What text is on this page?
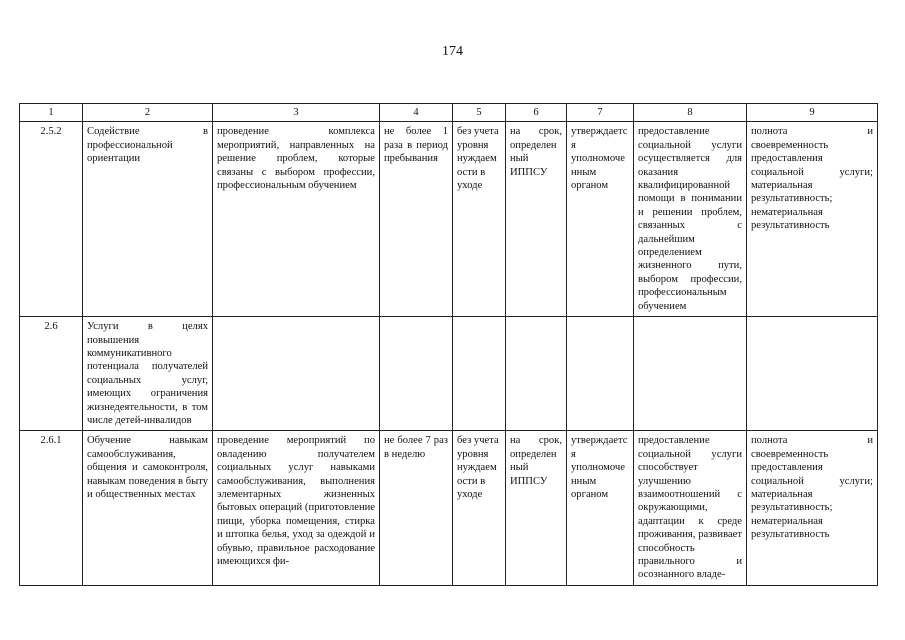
174
1	2	3	4	5	6	7	8	9
2.5.2	Содействие в профессиональной ориентации	проведение комплекса мероприятий, направленных на решение проблем, которые связаны с выбором профессии, профессиональным обучением	не более 1 раза в период пребывания	без учета уровня нуждаемости в уходе	на срок, определенный ИППСУ	утверждается уполномоченным органом	предоставление социальной услуги осуществляется для оказания квалифицированной помощи в понимании и решении проблем, связанных с дальнейшим определением жизненного пути, выбором профессии, профессиональным обучением	полнота и своевременность предоставления социальной услуги; материальная результативность; нематериальная результативность
2.6	Услуги в целях повышения коммуникативного потенциала получателей социальных услуг, имеющих ограничения жизнедеятельности, в том числе детей-инвалидов							
2.6.1	Обучение навыкам самообслуживания, общения и самоконтроля, навыкам поведения в быту и общественных местах	проведение мероприятий по овладению получателем социальных услуг навыками самообслуживания, выполнения элементарных жизненных бытовых операций (приготовление пищи, уборка помещения, стирка и штопка белья, уход за одеждой и обувью, правильное расходование имеющихся фи-	не более 7 раз в неделю	без учета уровня нуждаемости в уходе	на срок, определенный ИППСУ	утверждается уполномоченным органом	предоставление социальной услуги способствует улучшению взаимоотношений с окружающими, адаптации к среде проживания, развивает способность правильного и осознанного владе-	полнота и своевременность предоставления социальной услуги; материальная результативность; нематериальная результативность
